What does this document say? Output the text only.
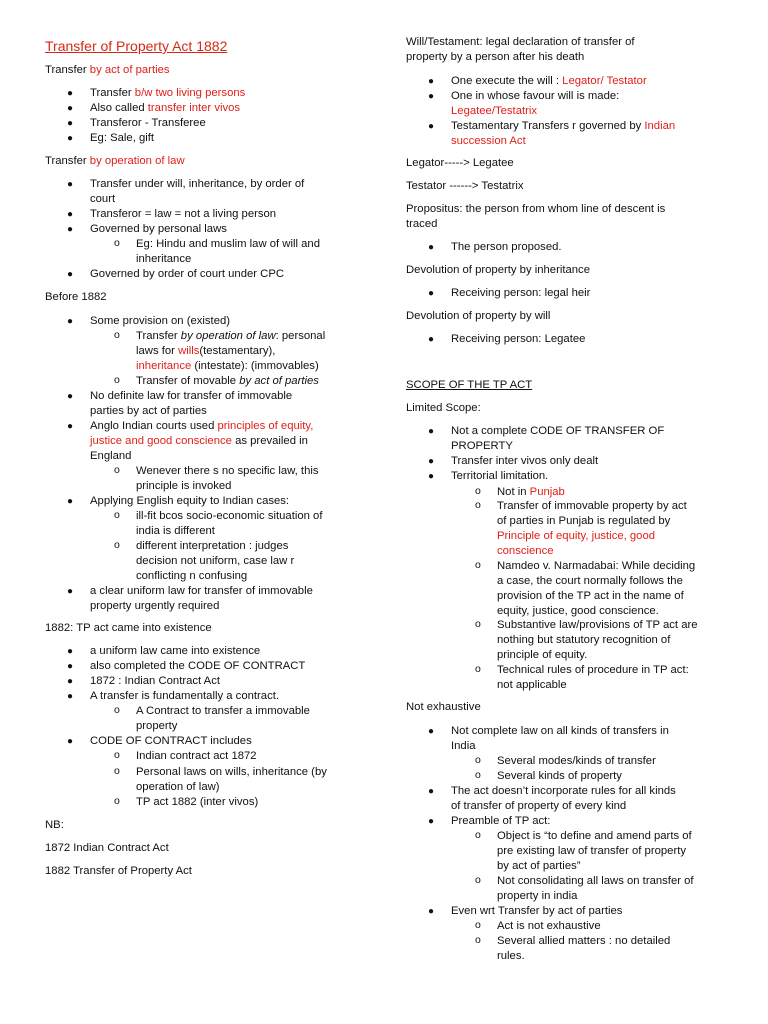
Transfer of Property Act 1882
Transfer by act of parties
● Transfer b/w two living persons
● Also called transfer inter vivos
● Transferor - Transferee
● Eg: Sale, gift
Transfer by operation of law
● Transfer under will, inheritance, by order of
court
● Transferor = law = not a living person
● Governed by personal laws
o Eg: Hindu and muslim law of will and
inheritance
● Governed by order of court under CPC
Before 1882
● Some provision on (existed)
o Transfer by operation of law: personal
laws for wills(testamentary),
inheritance (intestate): (immovables)
o Transfer of movable by act of parties
● No definite law for transfer of immovable
parties by act of parties
● Anglo Indian courts used principles of equity,
justice and good conscience as prevailed in
England
o Wenever there s no specific law, this
principle is invoked
● Applying English equity to Indian cases:
o ill-fit bcos socio-economic situation of
india is different
o different interpretation : judges
decision not uniform, case law r
conflicting n confusing
● a clear uniform law for transfer of immovable
property urgently required
1882: TP act came into existence
● a uniform law came into existence
● also completed the CODE OF CONTRACT
● 1872 : Indian Contract Act
● A transfer is fundamentally a contract.
o A Contract to transfer a immovable
property
● CODE OF CONTRACT includes
o Indian contract act 1872
o Personal laws on wills, inheritance (by
operation of law)
o TP act 1882 (inter vivos)
NB:
1872 Indian Contract Act
1882 Transfer of Property Act
Will/Testament: legal declaration of transfer of
property by a person after his death
● One execute the will : Legator/ Testator
● One in whose favour will is made:
Legatee/Testatrix
● Testamentary Transfers r governed by Indian
succession Act
Legator-----> Legatee
Testator ------> Testatrix
Propositus: the person from whom line of descent is
traced
● The person proposed.
Devolution of property by inheritance
● Receiving person: legal heir
Devolution of property by will
● Receiving person: Legatee
SCOPE OF THE TP ACT
Limited Scope:
● Not a complete CODE OF TRANSFER OF
PROPERTY
● Transfer inter vivos only dealt
● Territorial limitation.
o Not in Punjab
o Transfer of immovable property by act
of parties in Punjab is regulated by
Principle of equity, justice, good
conscience
o Namdeo v. Narmadabai: While deciding
a case, the court normally follows the
provision of the TP act in the name of
equity, justice, good conscience.
o Substantive law/provisions of TP act are
nothing but statutory recognition of
principle of equity.
o Technical rules of procedure in TP act:
not applicable
Not exhaustive
● Not complete law on all kinds of transfers in
India
o Several modes/kinds of transfer
o Several kinds of property
● The act doesn’t incorporate rules for all kinds
of transfer of property of every kind
● Preamble of TP act:
o Object is “to define and amend parts of
pre existing law of transfer of property
by act of parties”
o Not consolidating all laws on transfer of
property in india
● Even wrt Transfer by act of parties
o Act is not exhaustive
o Several allied matters : no detailed
rules.
